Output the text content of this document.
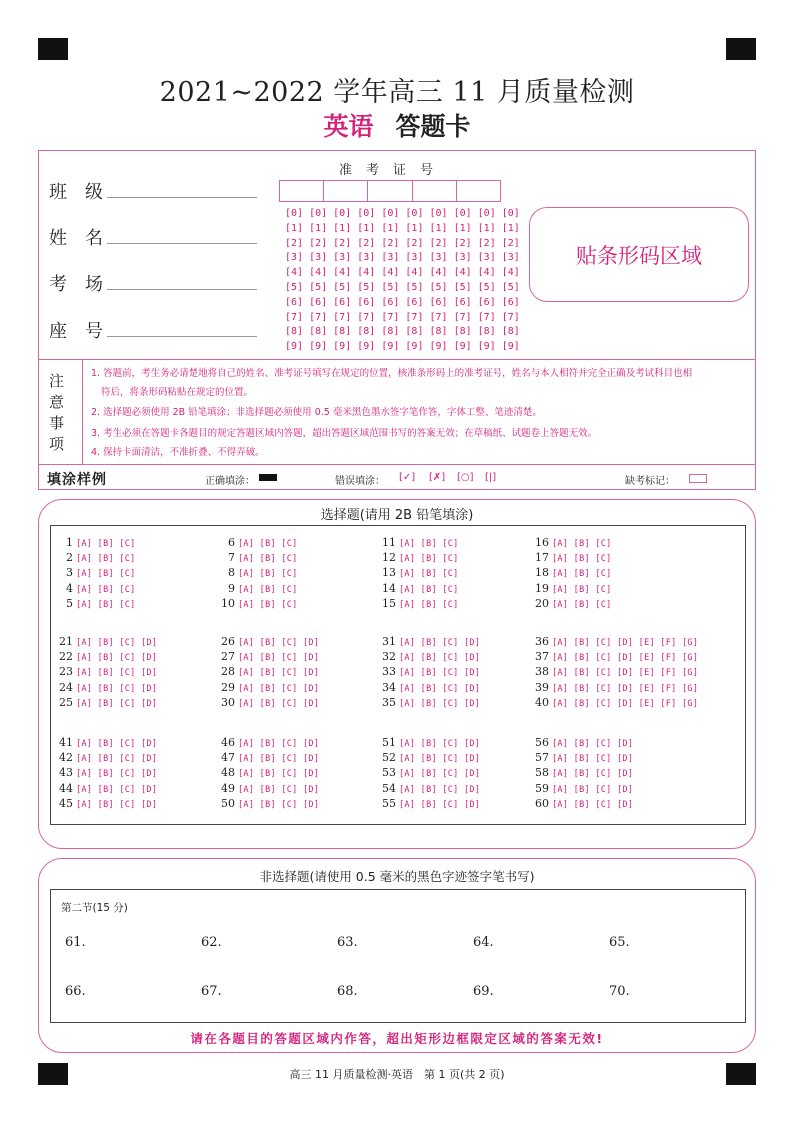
2021~2022 学年高三 11 月质量检测
英语 答题卡
班级
姓名
考场
座号
准考证号
贴条形码区域
注意事项
1. 答题前，考生务必请楚地将自己的姓名、准考证号填写在规定的位置，核准条形码上的准考证号，姓名与本人相符并完全正确及考试科目也相
符后，将条形码粘贴在规定的位置。
2. 选择题必须使用 2B 铅笔填涂；非选择题必须使用 0.5 毫米黑色墨水签字笔作答，字体工整、笔迹清楚。
3. 考生必须在答题卡各题目的规定答题区域内答题，超出答题区域范围书写的答案无效；在草稿纸、试题卷上答题无效。
4. 保持卡面清洁，不准折叠、不得弄破。
填涂样例	正确填涂：	错误填涂： [✓] [✗] [○] [|]	缺考标记：
[0] [0] [0] [0] [0] [0] [0] [0] [0] [0]
[1] [1] [1] [1] [1] [1] [1] [1] [1] [1]
[2] [2] [2] [2] [2] [2] [2] [2] [2] [2]
[3] [3] [3] [3] [3] [3] [3] [3] [3] [3]
[4] [4] [4] [4] [4] [4] [4] [4] [4] [4]
[5] [5] [5] [5] [5] [5] [5] [5] [5] [5]
[6] [6] [6] [6] [6] [6] [6] [6] [6] [6]
[7] [7] [7] [7] [7] [7] [7] [7] [7] [7]
[8] [8] [8] [8] [8] [8] [8] [8] [8] [8]
[9] [9] [9] [9] [9] [9] [9] [9] [9] [9]
选择题(请用 2B 铅笔填涂)
1 [A] [B] [C]
2 [A] [B] [C]
3 [A] [B] [C]
4 [A] [B] [C]
5 [A] [B] [C]
6 [A] [B] [C]
7 [A] [B] [C]
8 [A] [B] [C]
9 [A] [B] [C]
10 [A] [B] [C]
11 [A] [B] [C]
12 [A] [B] [C]
13 [A] [B] [C]
14 [A] [B] [C]
15 [A] [B] [C]
16 [A] [B] [C]
17 [A] [B] [C]
18 [A] [B] [C]
19 [A] [B] [C]
20 [A] [B] [C]
21 [A] [B] [C] [D]
22 [A] [B] [C] [D]
23 [A] [B] [C] [D]
24 [A] [B] [C] [D]
25 [A] [B] [C] [D]
26 [A] [B] [C] [D]
27 [A] [B] [C] [D]
28 [A] [B] [C] [D]
29 [A] [B] [C] [D]
30 [A] [B] [C] [D]
31 [A] [B] [C] [D]
32 [A] [B] [C] [D]
33 [A] [B] [C] [D]
34 [A] [B] [C] [D]
35 [A] [B] [C] [D]
36 [A] [B] [C] [D] [E] [F] [G]
37 [A] [B] [C] [D] [E] [F] [G]
38 [A] [B] [C] [D] [E] [F] [G]
39 [A] [B] [C] [D] [E] [F] [G]
40 [A] [B] [C] [D] [E] [F] [G]
41 [A] [B] [C] [D]
42 [A] [B] [C] [D]
43 [A] [B] [C] [D]
44 [A] [B] [C] [D]
45 [A] [B] [C] [D]
46 [A] [B] [C] [D]
47 [A] [B] [C] [D]
48 [A] [B] [C] [D]
49 [A] [B] [C] [D]
50 [A] [B] [C] [D]
51 [A] [B] [C] [D]
52 [A] [B] [C] [D]
53 [A] [B] [C] [D]
54 [A] [B] [C] [D]
55 [A] [B] [C] [D]
56 [A] [B] [C] [D]
57 [A] [B] [C] [D]
58 [A] [B] [C] [D]
59 [A] [B] [C] [D]
60 [A] [B] [C] [D]
非选择题(请使用 0.5 毫米的黑色字迹签字笔书写)
第二节(15 分)
61.	62.	63.	64.	65.
66.	67.	68.	69.	70.
请在各题目的答题区域内作答，超出矩形边框限定区域的答案无效!
高三 11 月质量检测·英语　第 1 页(共 2 页)
